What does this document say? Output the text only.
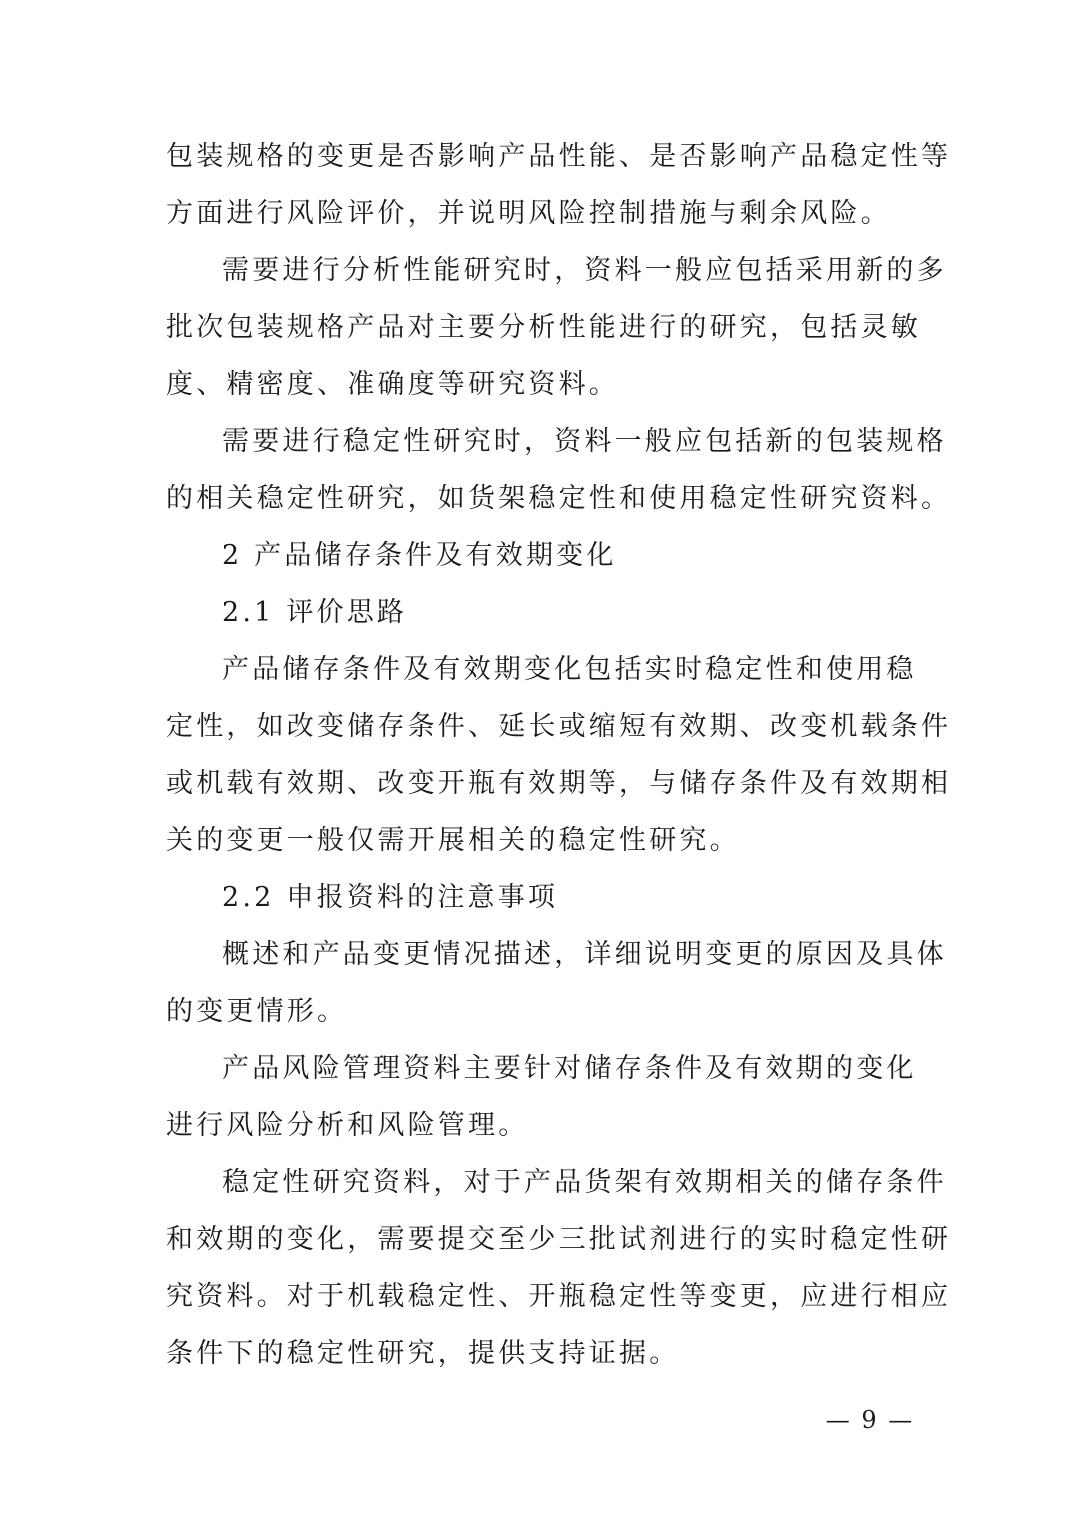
包装规格的变更是否影响产品性能、是否影响产品稳定性等
方面进行风险评价，并说明风险控制措施与剩余风险。
需要进行分析性能研究时，资料一般应包括采用新的多
批次包装规格产品对主要分析性能进行的研究，包括灵敏
度、精密度、准确度等研究资料。
需要进行稳定性研究时，资料一般应包括新的包装规格
的相关稳定性研究，如货架稳定性和使用稳定性研究资料。
2 产品储存条件及有效期变化
2.1 评价思路
产品储存条件及有效期变化包括实时稳定性和使用稳
定性，如改变储存条件、延长或缩短有效期、改变机载条件
或机载有效期、改变开瓶有效期等，与储存条件及有效期相
关的变更一般仅需开展相关的稳定性研究。
2.2 申报资料的注意事项
概述和产品变更情况描述，详细说明变更的原因及具体
的变更情形。
产品风险管理资料主要针对储存条件及有效期的变化
进行风险分析和风险管理。
稳定性研究资料，对于产品货架有效期相关的储存条件
和效期的变化，需要提交至少三批试剂进行的实时稳定性研
究资料。对于机载稳定性、开瓶稳定性等变更，应进行相应
条件下的稳定性研究，提供支持证据。
— 9 —
